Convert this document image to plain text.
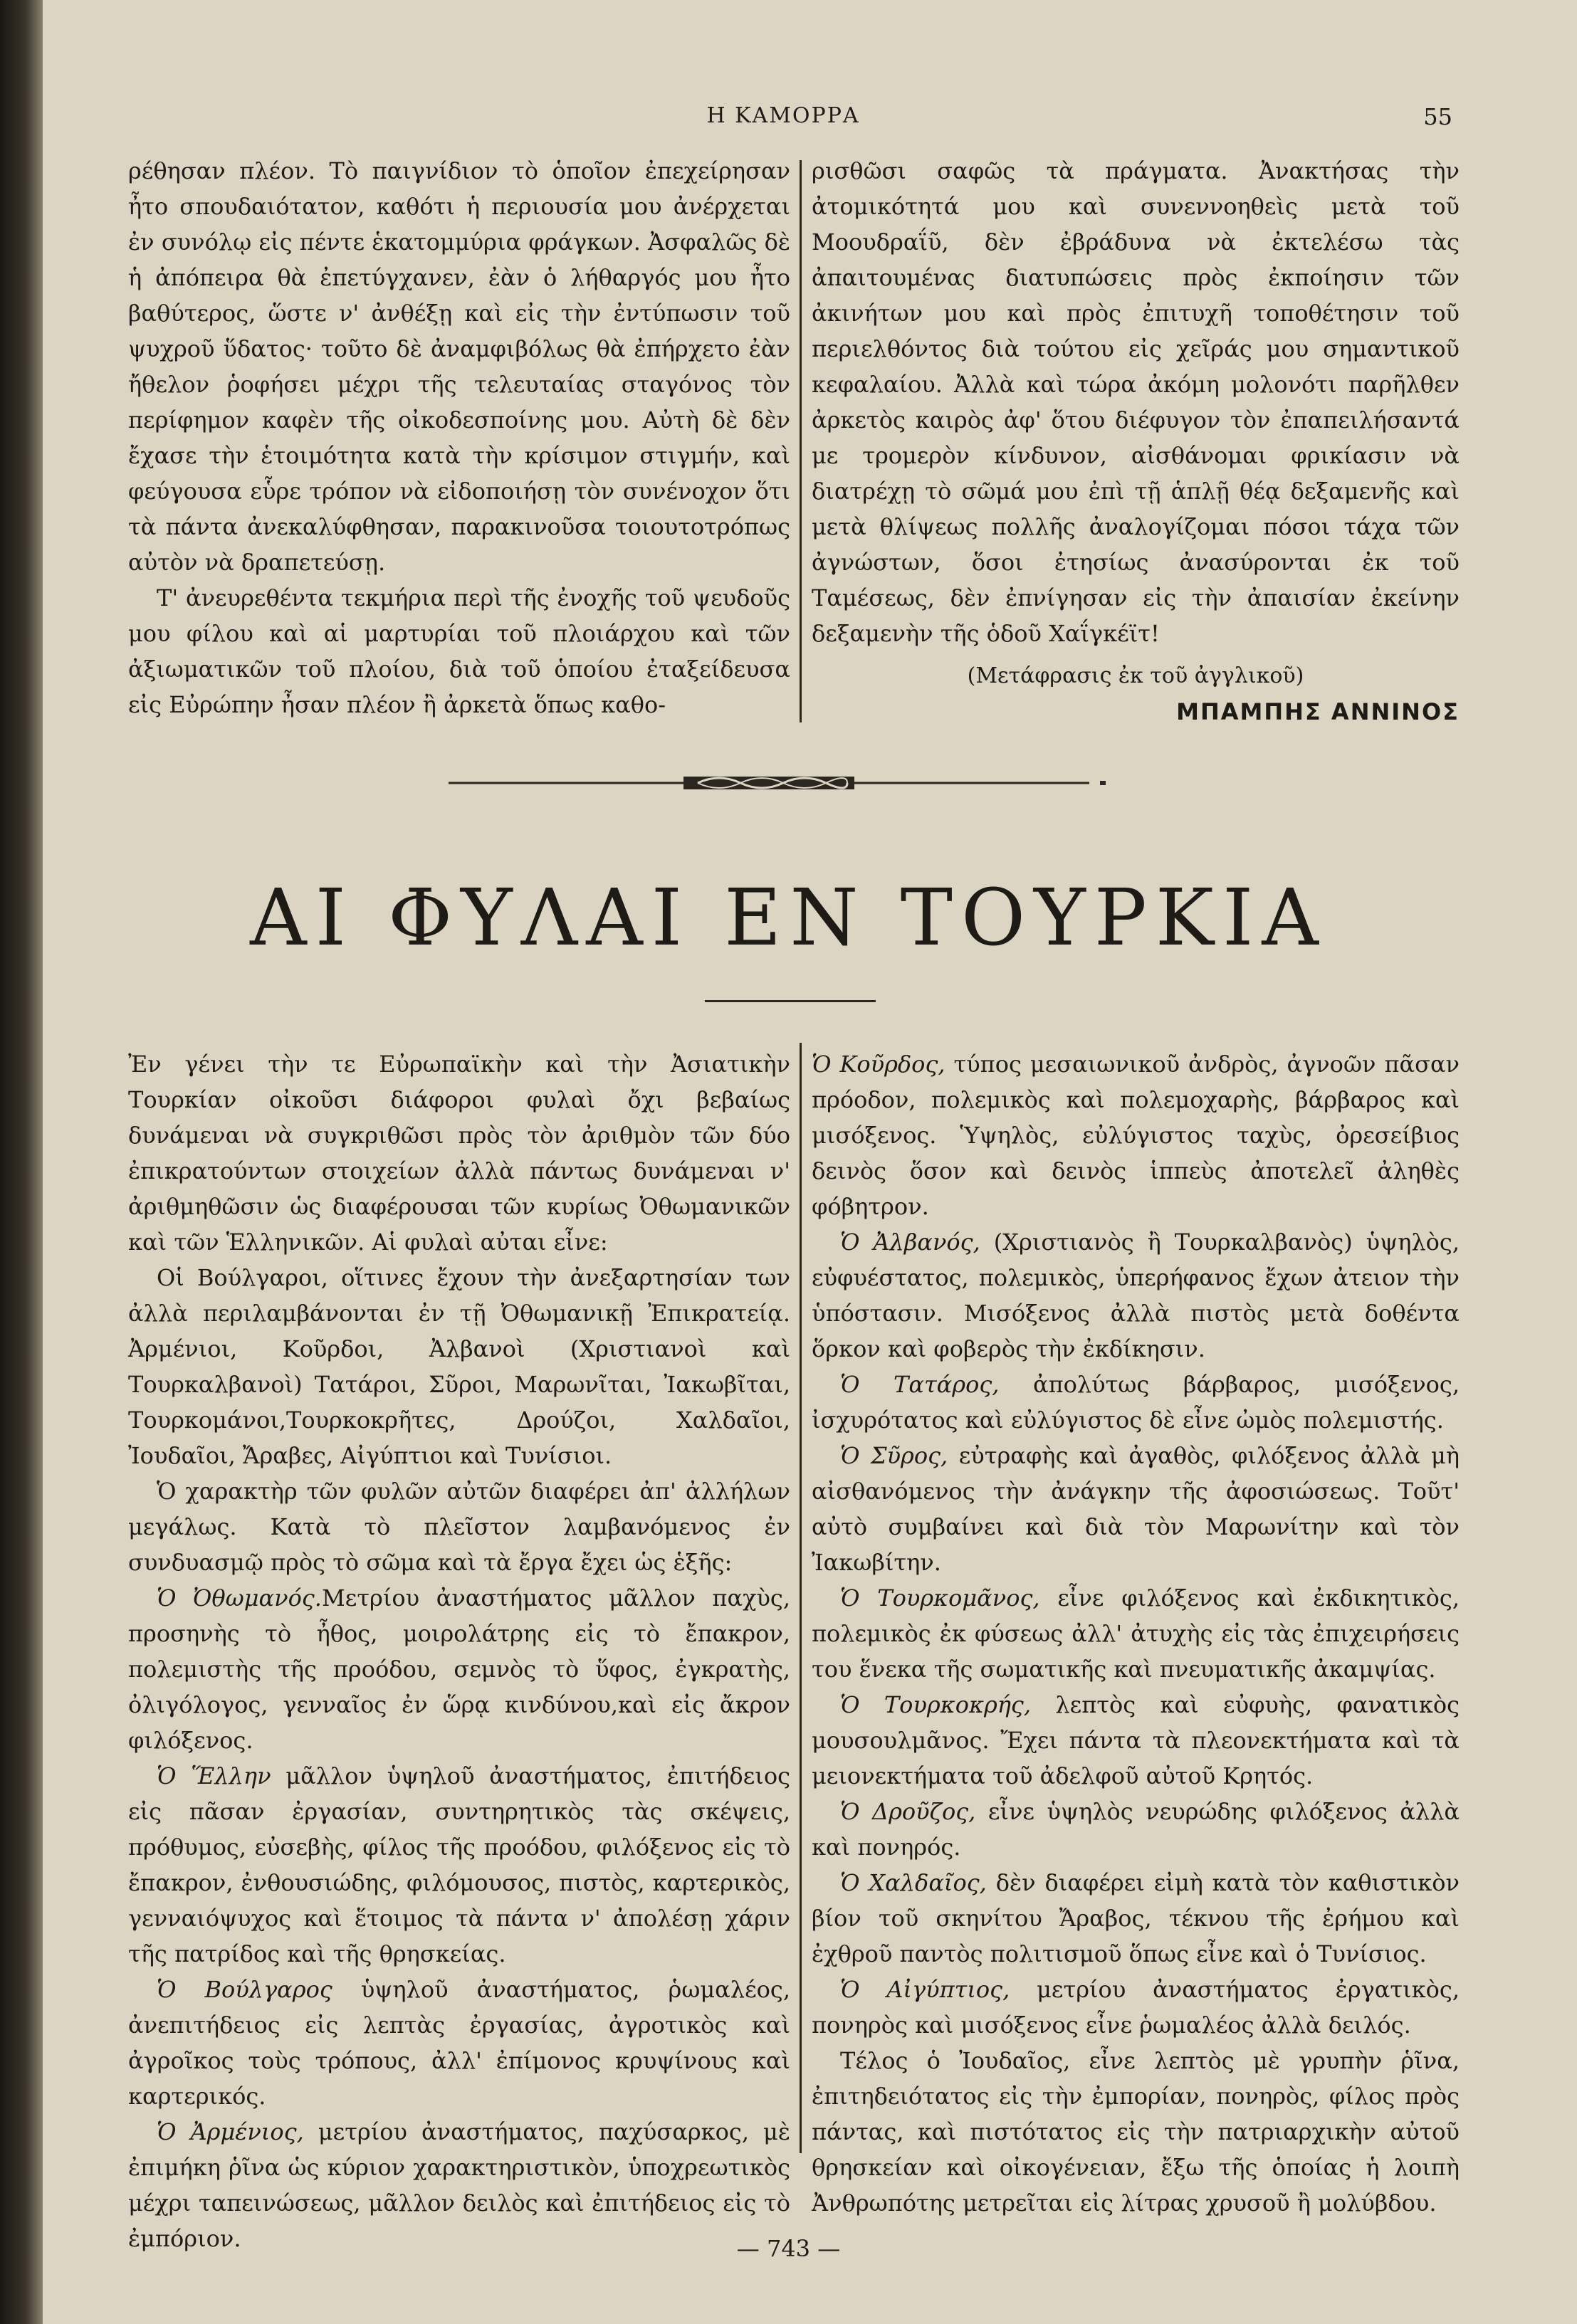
Η ΚΑΜΟΡΡΑ	55

ρέθησαν πλέον. Τὸ παιγνίδιον τὸ ὁποῖον ἐπεχείρησαν ἦτο σπουδαιότατον, καθότι ἡ περιουσία μου ἀνέρχεται ἐν συνόλῳ εἰς πέντε ἑκατομμύρια φράγκων. Ἀσφαλῶς δὲ ἡ ἀπόπειρα θὰ ἐπετύγχανεν, ἐὰν ὁ λήθαργός μου ἦτο βαθύτερος, ὥστε ν' ἀνθέξῃ καὶ εἰς τὴν ἐντύπωσιν τοῦ ψυχροῦ ὕδατος· τοῦτο δὲ ἀναμφιβόλως θὰ ἐπήρχετο ἐὰν ἤθελον ῥοφήσει μέχρι τῆς τελευταίας σταγόνος τὸν περίφημον καφὲν τῆς οἰκοδεσποίνης μου. Αὐτὴ δὲ δὲν ἔχασε τὴν ἑτοιμότητα κατὰ τὴν κρίσιμον στιγμήν, καὶ φεύγουσα εὗρε τρόπον νὰ εἰδοποιήσῃ τὸν συνένοχον ὅτι τὰ πάντα ἀνεκαλύφθησαν, παρακινοῦσα τοιουτοτρόπως αὐτὸν νὰ δραπετεύσῃ.

Τ' ἀνευρεθέντα τεκμήρια περὶ τῆς ἐνοχῆς τοῦ ψευδοῦς μου φίλου καὶ αἱ μαρτυρίαι τοῦ πλοιάρχου καὶ τῶν ἀξιωματικῶν τοῦ πλοίου, διὰ τοῦ ὁποίου ἐταξείδευσα εἰς Εὐρώπην ἦσαν πλέον ἢ ἀρκετὰ ὅπως καθο-

ρισθῶσι σαφῶς τὰ πράγματα. Ἀνακτήσας τὴν ἀτομικότητά μου καὶ συνεννοηθεὶς μετὰ τοῦ Μοουδραΐῦ, δὲν ἐβράδυνα νὰ ἐκτελέσω τὰς ἀπαιτουμένας διατυπώσεις πρὸς ἐκποίησιν τῶν ἀκινήτων μου καὶ πρὸς ἐπιτυχῆ τοποθέτησιν τοῦ περιελθόντος διὰ τούτου εἰς χεῖράς μου σημαντικοῦ κεφαλαίου. Ἀλλὰ καὶ τώρα ἀκόμη μολονότι παρῆλθεν ἀρκετὸς καιρὸς ἀφ' ὅτου διέφυγον τὸν ἐπαπειλήσαντά με τρομερὸν κίνδυνον, αἰσθάνομαι φρικίασιν νὰ διατρέχῃ τὸ σῶμά μου ἐπὶ τῇ ἁπλῇ θέᾳ δεξαμενῆς καὶ μετὰ θλίψεως πολλῆς ἀναλογίζομαι πόσοι τάχα τῶν ἀγνώστων, ὅσοι ἐτησίως ἀνασύρονται ἐκ τοῦ Ταμέσεως, δὲν ἐπνίγησαν εἰς τὴν ἀπαισίαν ἐκείνην δεξαμενὴν τῆς ὁδοῦ Χαΐγκέϊτ!

(Μετάφρασις ἐκ τοῦ ἀγγλικοῦ)

ΜΠΑΜΠΗΣ ΑΝΝΙΝΟΣ

ΑΙ ΦΥΛΑΙ ΕΝ ΤΟΥΡΚΙΑ

Ἐν γένει τὴν τε Εὐρωπαϊκὴν καὶ τὴν Ἀσιατικὴν Τουρκίαν οἰκοῦσι διάφοροι φυλαὶ ὄχι βεβαίως δυνάμεναι νὰ συγκριθῶσι πρὸς τὸν ἀριθμὸν τῶν δύο ἐπικρατούντων στοιχείων ἀλλὰ πάντως δυνάμεναι ν' ἀριθμηθῶσιν ὡς διαφέρουσαι τῶν κυρίως Ὀθωμανικῶν καὶ τῶν Ἑλληνικῶν. Αἱ φυλαὶ αὐται εἶνε:

Οἱ Βούλγαροι, οἵτινες ἔχουν τὴν ἀνεξαρτησίαν των ἀλλὰ περιλαμβάνονται ἐν τῇ Ὀθωμανικῇ Ἐπικρατείᾳ. Ἀρμένιοι, Κοῦρδοι, Ἀλβανοὶ (Χριστιανοὶ καὶ Τουρκαλβανοὶ) Τατάροι, Σῦροι, Μαρωνῖται, Ἰακωβῖται, Τουρκομάνοι,Τουρκοκρῆτες, Δρούζοι, Χαλδαῖοι, Ἰουδαῖοι, Ἄραβες, Αἰγύπτιοι καὶ Τυνίσιοι.

Ὁ χαρακτὴρ τῶν φυλῶν αὐτῶν διαφέρει ἀπ' ἀλλήλων μεγάλως. Κατὰ τὸ πλεῖστον λαμβανόμενος ἐν συνδυασμῷ πρὸς τὸ σῶμα καὶ τὰ ἔργα ἔχει ὡς ἑξῆς:

Ὁ Ὀθωμανός.Μετρίου ἀναστήματος μᾶλλον παχὺς, προσηνὴς τὸ ἦθος, μοιρολάτρης εἰς τὸ ἔπακρον, πολεμιστὴς τῆς προόδου, σεμνὸς τὸ ὕφος, ἐγκρατὴς, ὀλιγόλογος, γενναῖος ἐν ὥρᾳ κινδύνου,καὶ εἰς ἄκρον φιλόξενος.

Ὁ Ἕλλην μᾶλλον ὑψηλοῦ ἀναστήματος, ἐπιτήδειος εἰς πᾶσαν ἐργασίαν, συντηρητικὸς τὰς σκέψεις, πρόθυμος, εὐσεβὴς, φίλος τῆς προόδου, φιλόξενος εἰς τὸ ἔπακρον, ἐνθουσιώδης, φιλόμουσος, πιστὸς, καρτερικὸς, γενναιόψυχος καὶ ἕτοιμος τὰ πάντα ν' ἀπολέσῃ χάριν τῆς πατρίδος καὶ τῆς θρησκείας.

Ὁ Βούλγαρος ὑψηλοῦ ἀναστήματος, ῥωμαλέος, ἀνεπιτήδειος εἰς λεπτὰς ἐργασίας, ἀγροτικὸς καὶ ἀγροῖκος τοὺς τρόπους, ἀλλ' ἐπίμονος κρυψίνους καὶ καρτερικός.

Ὁ Ἀρμένιος, μετρίου ἀναστήματος, παχύσαρκος, μὲ ἐπιμήκη ῥῖνα ὡς κύριον χαρακτηριστικὸν, ὑποχρεωτικὸς μέχρι ταπεινώσεως, μᾶλλον δειλὸς καὶ ἐπιτήδειος εἰς τὸ ἐμπόριον.

Ὁ Κοῦρδος, τύπος μεσαιωνικοῦ ἀνδρὸς, ἀγνοῶν πᾶσαν πρόοδον, πολεμικὸς καὶ πολεμοχαρὴς, βάρβαρος καὶ μισόξενος. Ὑψηλὸς, εὐλύγιστος ταχὺς, ὀρεσείβιος δεινὸς ὅσον καὶ δεινὸς ἱππεὺς ἀποτελεῖ ἀληθὲς φόβητρον.

Ὁ Ἀλβανός, (Χριστιανὸς ἢ Τουρκαλβανὸς) ὑψηλὸς, εὐφυέστατος, πολεμικὸς, ὑπερήφανος ἔχων ἀτειον τὴν ὑπόστασιν. Μισόξενος ἀλλὰ πιστὸς μετὰ δοθέντα ὅρκον καὶ φοβερὸς τὴν ἐκδίκησιν.

Ὁ Τατάρος, ἀπολύτως βάρβαρος, μισόξενος, ἰσχυρότατος καὶ εὐλύγιστος δὲ εἶνε ὠμὸς πολεμιστής.

Ὁ Σῦρος, εὐτραφὴς καὶ ἀγαθὸς, φιλόξενος ἀλλὰ μὴ αἰσθανόμενος τὴν ἀνάγκην τῆς ἀφοσιώσεως. Τοῦτ' αὐτὸ συμβαίνει καὶ διὰ τὸν Μαρωνίτην καὶ τὸν Ἰακωβίτην.

Ὁ Τουρκομᾶνος, εἶνε φιλόξενος καὶ ἐκδικητικὸς, πολεμικὸς ἐκ φύσεως ἀλλ' ἀτυχὴς εἰς τὰς ἐπιχειρήσεις του ἕνεκα τῆς σωματικῆς καὶ πνευματικῆς ἀκαμψίας.

Ὁ Τουρκοκρής, λεπτὸς καὶ εὐφυὴς, φανατικὸς μουσουλμᾶνος. Ἔχει πάντα τὰ πλεονεκτήματα καὶ τὰ μειονεκτήματα τοῦ ἀδελφοῦ αὐτοῦ Κρητός.

Ὁ Δροῦζος, εἶνε ὑψηλὸς νευρώδης φιλόξενος ἀλλὰ καὶ πονηρός.

Ὁ Χαλδαῖος, δὲν διαφέρει εἰμὴ κατὰ τὸν καθιστικὸν βίον τοῦ σκηνίτου Ἄραβος, τέκνου τῆς ἐρήμου καὶ ἐχθροῦ παντὸς πολιτισμοῦ ὅπως εἶνε καὶ ὁ Τυνίσιος.

Ὁ Αἰγύπτιος, μετρίου ἀναστήματος ἐργατικὸς, πονηρὸς καὶ μισόξενος εἶνε ῥωμαλέος ἀλλὰ δειλός.

Τέλος ὁ Ἰουδαῖος, εἶνε λεπτὸς μὲ γρυπὴν ῥῖνα, ἐπιτηδειότατος εἰς τὴν ἐμπορίαν, πονηρὸς, φίλος πρὸς πάντας, καὶ πιστότατος εἰς τὴν πατριαρχικὴν αὐτοῦ θρησκείαν καὶ οἰκογένειαν, ἔξω τῆς ὁποίας ἡ λοιπὴ Ἀνθρωπότης μετρεῖται εἰς λίτρας χρυσοῦ ἢ μολύβδου.

— 743 —
